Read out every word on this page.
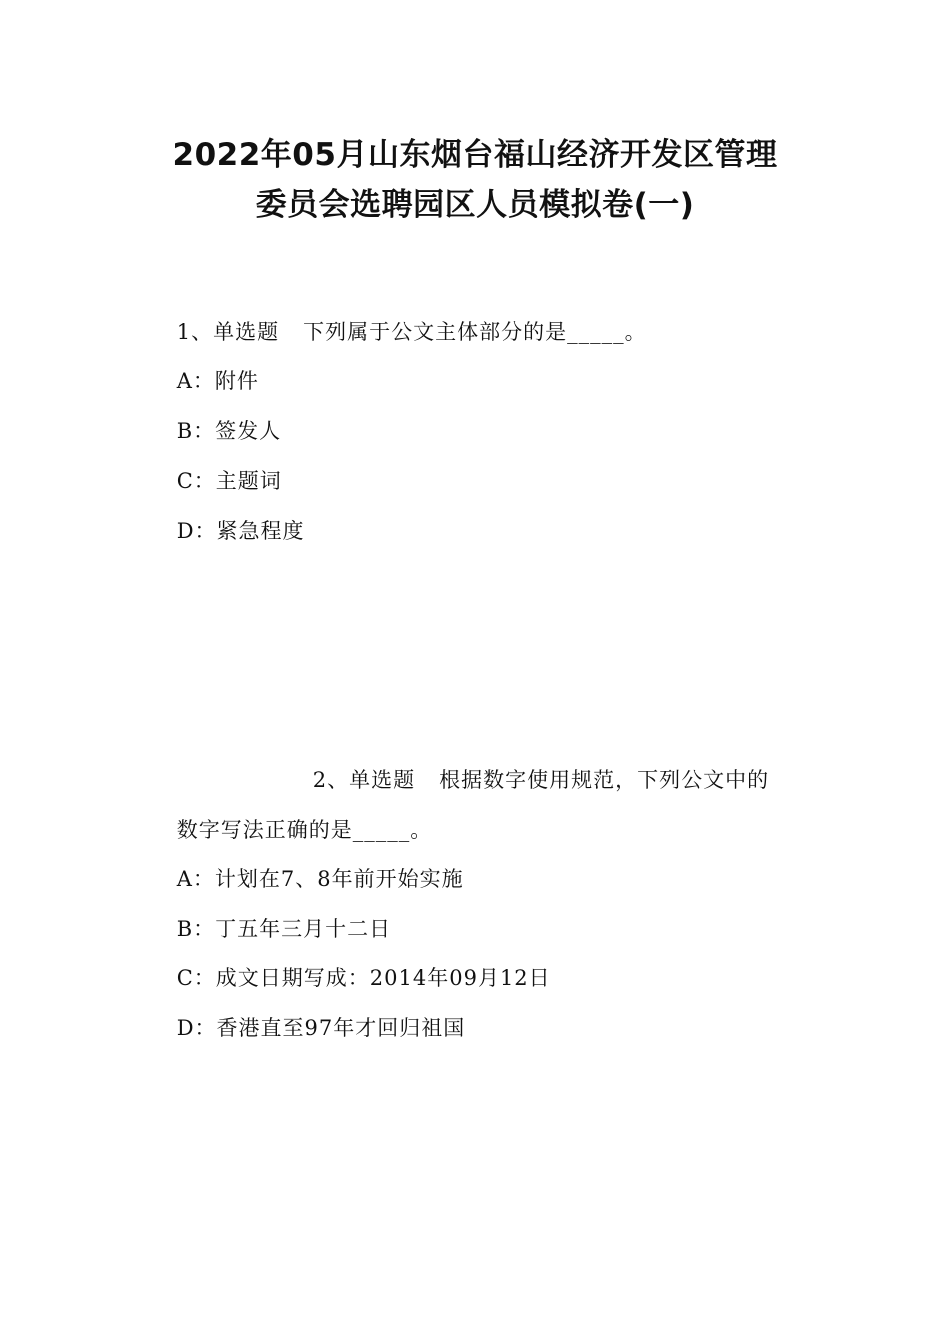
2022年05月山东烟台福山经济开发区管理
委员会选聘园区人员模拟卷(一)

1、单选题 下列属于公文主体部分的是_____。

A：附件

B：签发人

C：主题词

D：紧急程度

2、单选题 根据数字使用规范，下列公文中的

数字写法正确的是_____。

A：计划在7、8年前开始实施

B：丁五年三月十二日

C：成文日期写成：2014年09月12日

D：香港直至97年才回归祖国
